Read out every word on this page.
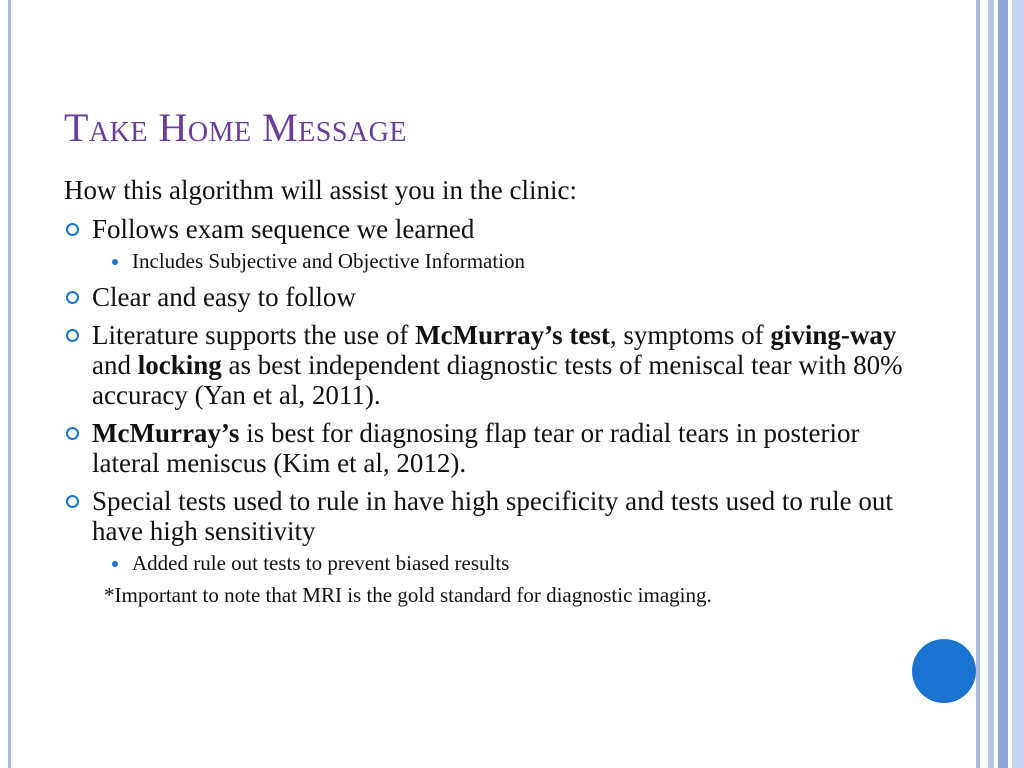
Take Home Message
How this algorithm will assist you in the clinic:
Follows exam sequence we learned
Includes Subjective and Objective Information
Clear and easy to follow
Literature supports the use of McMurray’s test, symptoms of giving-way and locking as best independent diagnostic tests of meniscal tear with 80% accuracy (Yan et al, 2011).
McMurray’s is best for diagnosing flap tear or radial tears in posterior lateral meniscus (Kim et al, 2012).
Special tests used to rule in have high specificity and tests used to rule out have high sensitivity
Added rule out tests to prevent biased results
*Important to note that MRI is the gold standard for diagnostic imaging.
